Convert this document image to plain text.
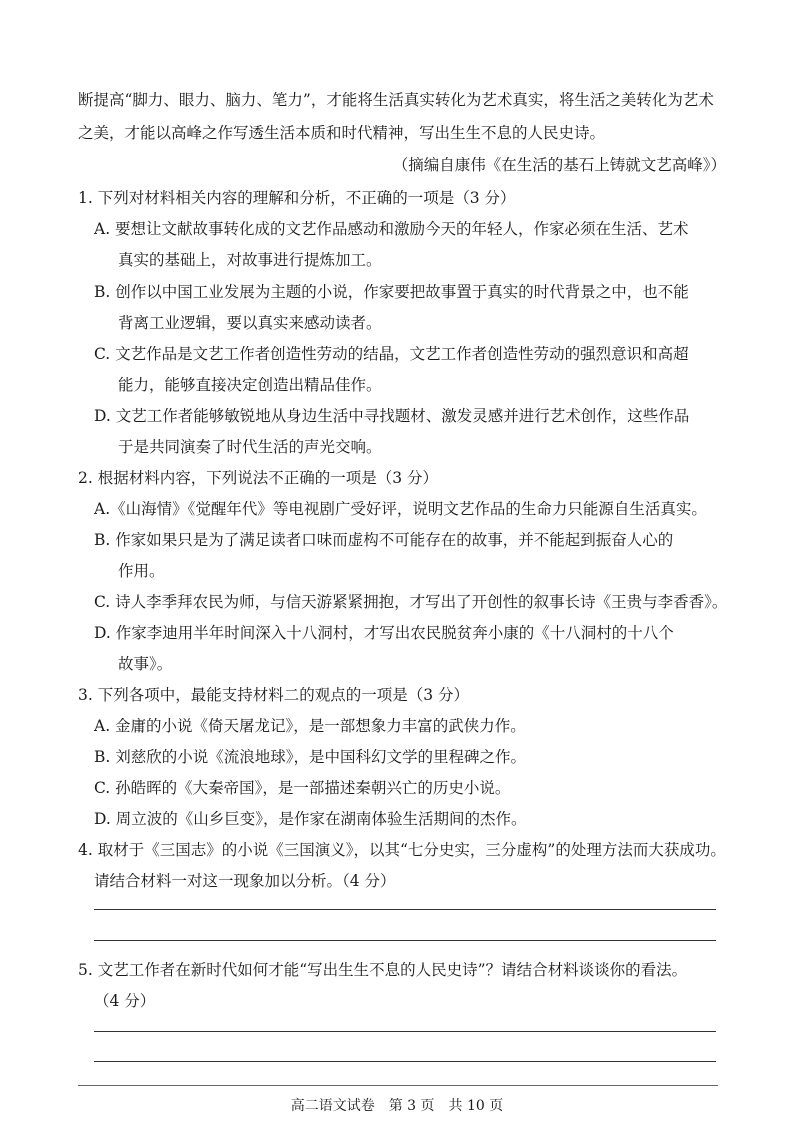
断提高“脚力、眼力、脑力、笔力”，才能将生活真实转化为艺术真实，将生活之美转化为艺术
之美，才能以高峰之作写透生活本质和时代精神，写出生生不息的人民史诗。
（摘编自康伟《在生活的基石上铸就文艺高峰》）
1. 下列对材料相关内容的理解和分析，不正确的一项是（3 分）
A. 要想让文献故事转化成的文艺作品感动和激励今天的年轻人，作家必须在生活、艺术
真实的基础上，对故事进行提炼加工。
B. 创作以中国工业发展为主题的小说，作家要把故事置于真实的时代背景之中，也不能
背离工业逻辑，要以真实来感动读者。
C. 文艺作品是文艺工作者创造性劳动的结晶，文艺工作者创造性劳动的强烈意识和高超
能力，能够直接决定创造出精品佳作。
D. 文艺工作者能够敏锐地从身边生活中寻找题材、激发灵感并进行艺术创作，这些作品
于是共同演奏了时代生活的声光交响。
2. 根据材料内容，下列说法不正确的一项是（3 分）
A.《山海情》《觉醒年代》等电视剧广受好评，说明文艺作品的生命力只能源自生活真实。
B. 作家如果只是为了满足读者口味而虚构不可能存在的故事，并不能起到振奋人心的
作用。
C. 诗人李季拜农民为师，与信天游紧紧拥抱，才写出了开创性的叙事长诗《王贵与李香香》。
D. 作家李迪用半年时间深入十八洞村，才写出农民脱贫奔小康的《十八洞村的十八个
故事》。
3. 下列各项中，最能支持材料二的观点的一项是（3 分）
A. 金庸的小说《倚天屠龙记》，是一部想象力丰富的武侠力作。
B. 刘慈欣的小说《流浪地球》，是中国科幻文学的里程碑之作。
C. 孙皓晖的《大秦帝国》，是一部描述秦朝兴亡的历史小说。
D. 周立波的《山乡巨变》，是作家在湖南体验生活期间的杰作。
4. 取材于《三国志》的小说《三国演义》，以其“七分史实，三分虚构”的处理方法而大获成功。
请结合材料一对这一现象加以分析。（4 分）
5. 文艺工作者在新时代如何才能“写出生生不息的人民史诗”？请结合材料谈谈你的看法。
（4 分）
高二语文试卷　第 3 页　共 10 页
